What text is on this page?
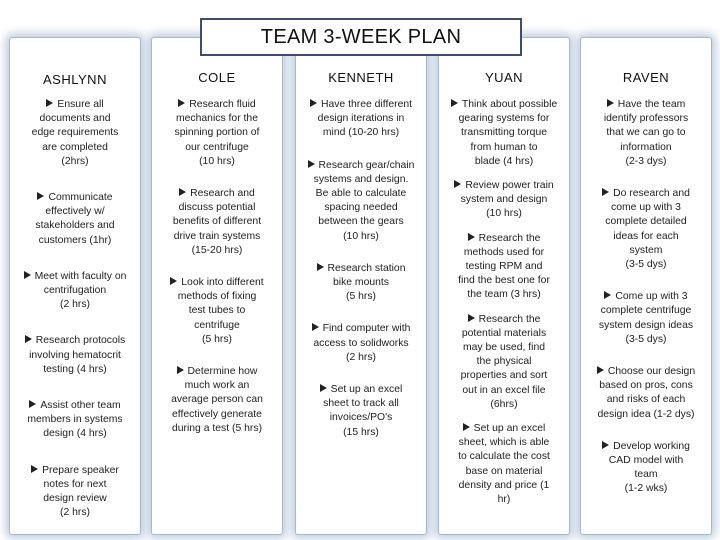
TEAM 3-WEEK PLAN
ASHLYNN
Ensure all
documents and
edge requirements
are completed
(2hrs)
Communicate
effectively w/
stakeholders and
customers (1hr)
Meet with faculty on
centrifugation
(2 hrs)
Research protocols
involving hematocrit
testing (4 hrs)
Assist other team
members in systems
design (4 hrs)
Prepare speaker
notes for next
design review
(2 hrs)
COLE
Research fluid
mechanics for the
spinning portion of
our centrifuge
(10 hrs)
Research and
discuss potential
benefits of different
drive train systems
(15-20 hrs)
Look into different
methods of fixing
test tubes to
centrifuge
(5 hrs)
Determine how
much work an
average person can
effectively generate
during a test (5 hrs)
KENNETH
Have three different
design iterations in
mind (10-20 hrs)
Research gear/chain
systems and design.
Be able to calculate
spacing needed
between the gears
(10 hrs)
Research station
bike mounts
(5 hrs)
Find computer with
access to solidworks
(2 hrs)
Set up an excel
sheet to track all
invoices/PO's
(15 hrs)
YUAN
Think about possible
gearing systems for
transmitting torque
from human to
blade (4 hrs)
Review power train
system and design
(10 hrs)
Research the
methods used for
testing RPM and
find the best one for
the team (3 hrs)
Research the
potential materials
may be used, find
the physical
properties and sort
out in an excel file
(6hrs)
Set up an excel
sheet, which is able
to calculate the cost
base on material
density and price (1
hr)
RAVEN
Have the team
identify professors
that we can go to
information
(2-3 dys)
Do research and
come up with 3
complete detailed
ideas for each
system
(3-5 dys)
Come up with 3
complete centrifuge
system design ideas
(3-5 dys)
Choose our design
based on pros, cons
and risks of each
design idea (1-2 dys)
Develop working
CAD model with
team
(1-2 wks)
